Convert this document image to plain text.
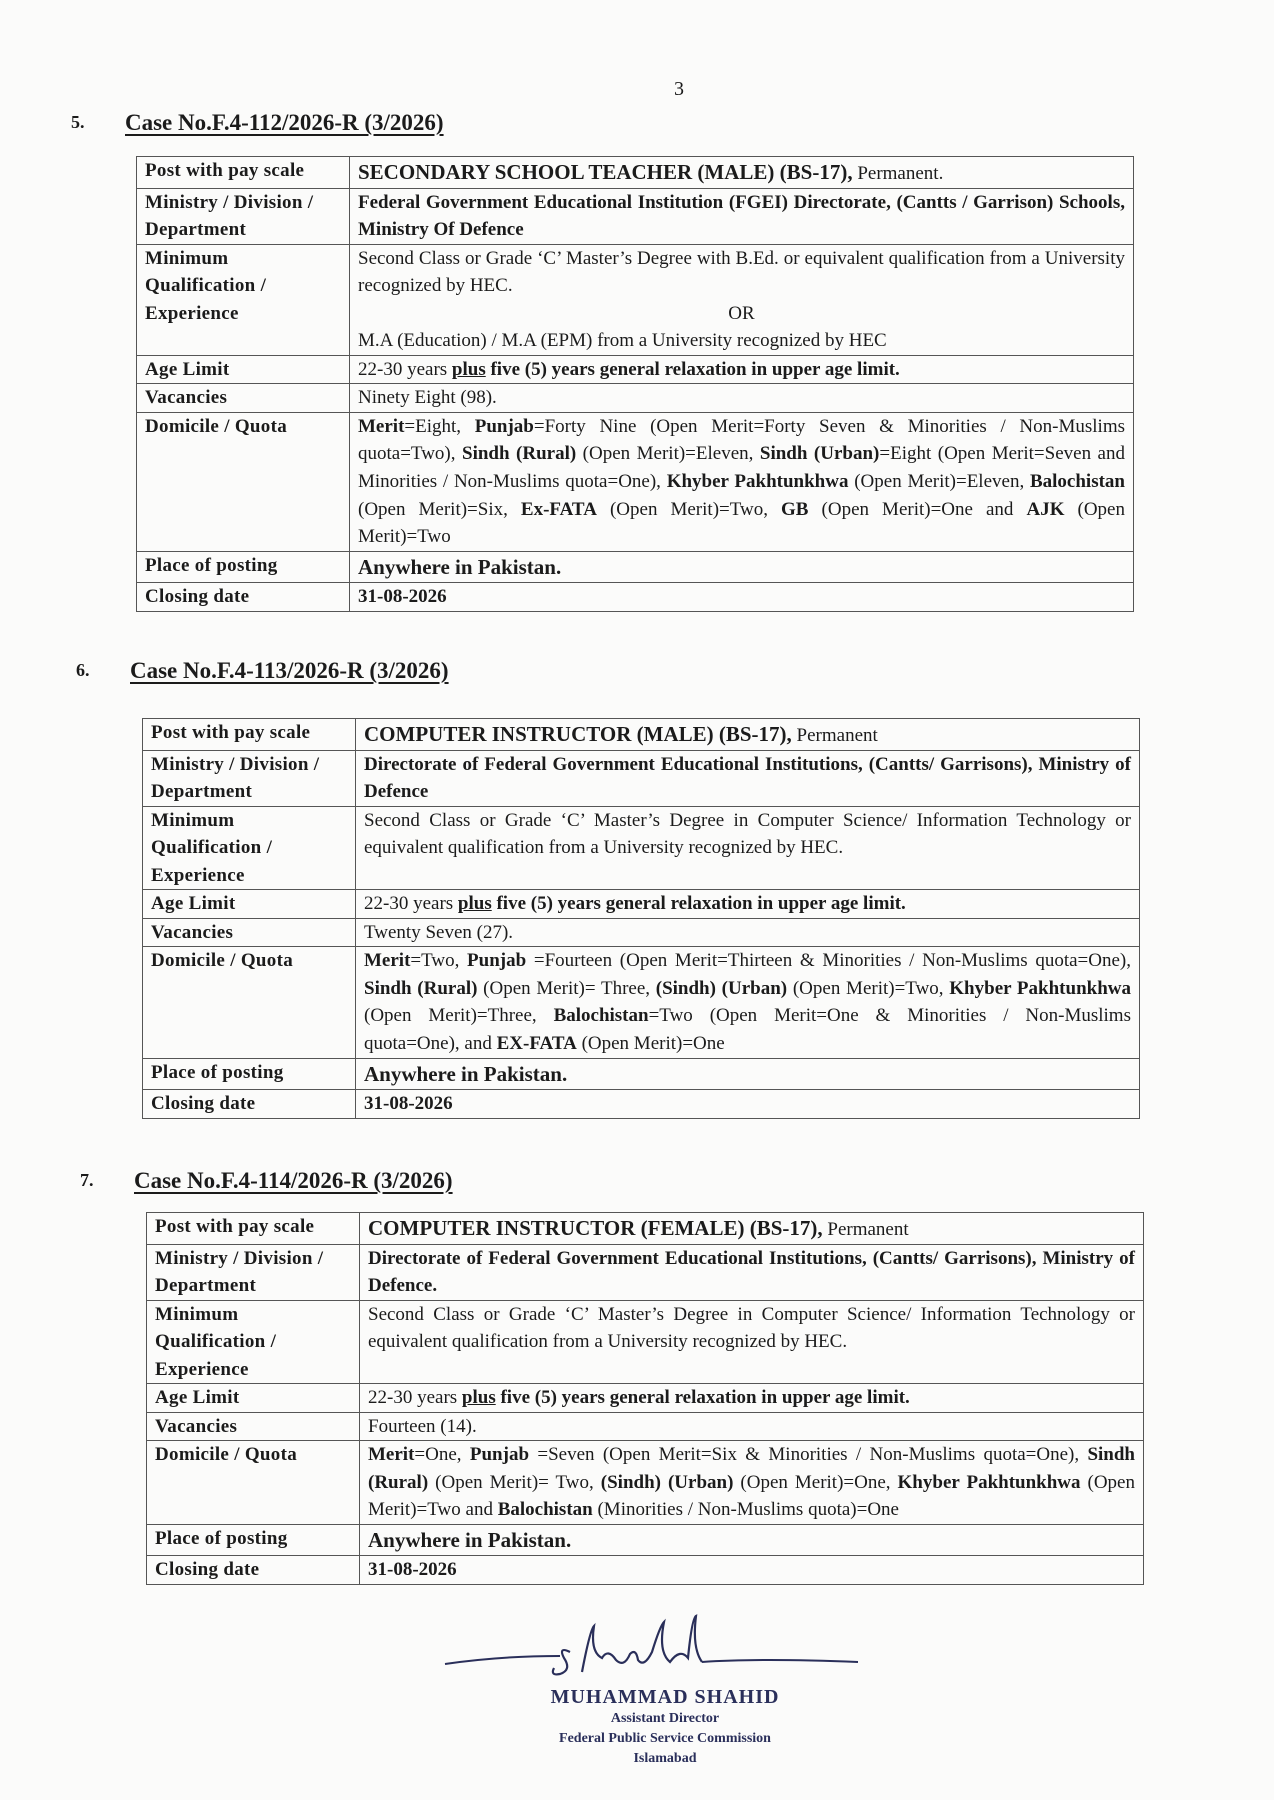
3
5. Case No.F.4-112/2026-R (3/2026)
Post with pay scale	SECONDARY SCHOOL TEACHER (MALE) (BS-17), Permanent.
Ministry / Division / Department	Federal Government Educational Institution (FGEI) Directorate, (Cantts / Garrison) Schools, Ministry Of Defence
Minimum Qualification / Experience	Second Class or Grade ‘C’ Master’s Degree with B.Ed. or equivalent qualification from a University recognized by HEC.
OR
M.A (Education) / M.A (EPM) from a University recognized by HEC
Age Limit	22-30 years plus five (5) years general relaxation in upper age limit.
Vacancies	Ninety Eight (98).
Domicile / Quota	Merit=Eight, Punjab=Forty Nine (Open Merit=Forty Seven & Minorities / Non-Muslims quota=Two), Sindh (Rural) (Open Merit)=Eleven, Sindh (Urban)=Eight (Open Merit=Seven and Minorities / Non-Muslims quota=One), Khyber Pakhtunkhwa (Open Merit)=Eleven, Balochistan (Open Merit)=Six, Ex-FATA (Open Merit)=Two, GB (Open Merit)=One and AJK (Open Merit)=Two
Place of posting	Anywhere in Pakistan.
Closing date	31-08-2026
6. Case No.F.4-113/2026-R (3/2026)
Post with pay scale	COMPUTER INSTRUCTOR (MALE) (BS-17), Permanent
Ministry / Division / Department	Directorate of Federal Government Educational Institutions, (Cantts/ Garrisons), Ministry of Defence
Minimum Qualification / Experience	Second Class or Grade ‘C’ Master’s Degree in Computer Science/ Information Technology or equivalent qualification from a University recognized by HEC.
Age Limit	22-30 years plus five (5) years general relaxation in upper age limit.
Vacancies	Twenty Seven (27).
Domicile / Quota	Merit=Two, Punjab =Fourteen (Open Merit=Thirteen & Minorities / Non-Muslims quota=One), Sindh (Rural) (Open Merit)= Three, (Sindh) (Urban) (Open Merit)=Two, Khyber Pakhtunkhwa (Open Merit)=Three, Balochistan=Two (Open Merit=One & Minorities / Non-Muslims quota=One), and EX-FATA (Open Merit)=One
Place of posting	Anywhere in Pakistan.
Closing date	31-08-2026
7. Case No.F.4-114/2026-R (3/2026)
Post with pay scale	COMPUTER INSTRUCTOR (FEMALE) (BS-17), Permanent
Ministry / Division / Department	Directorate of Federal Government Educational Institutions, (Cantts/ Garrisons), Ministry of Defence.
Minimum Qualification / Experience	Second Class or Grade ‘C’ Master’s Degree in Computer Science/ Information Technology or equivalent qualification from a University recognized by HEC.
Age Limit	22-30 years plus five (5) years general relaxation in upper age limit.
Vacancies	Fourteen (14).
Domicile / Quota	Merit=One, Punjab =Seven (Open Merit=Six & Minorities / Non-Muslims quota=One), Sindh (Rural) (Open Merit)= Two, (Sindh) (Urban) (Open Merit)=One, Khyber Pakhtunkhwa (Open Merit)=Two and Balochistan (Minorities / Non-Muslims quota)=One
Place of posting	Anywhere in Pakistan.
Closing date	31-08-2026
MUHAMMAD SHAHID
Assistant Director
Federal Public Service Commission
Islamabad
